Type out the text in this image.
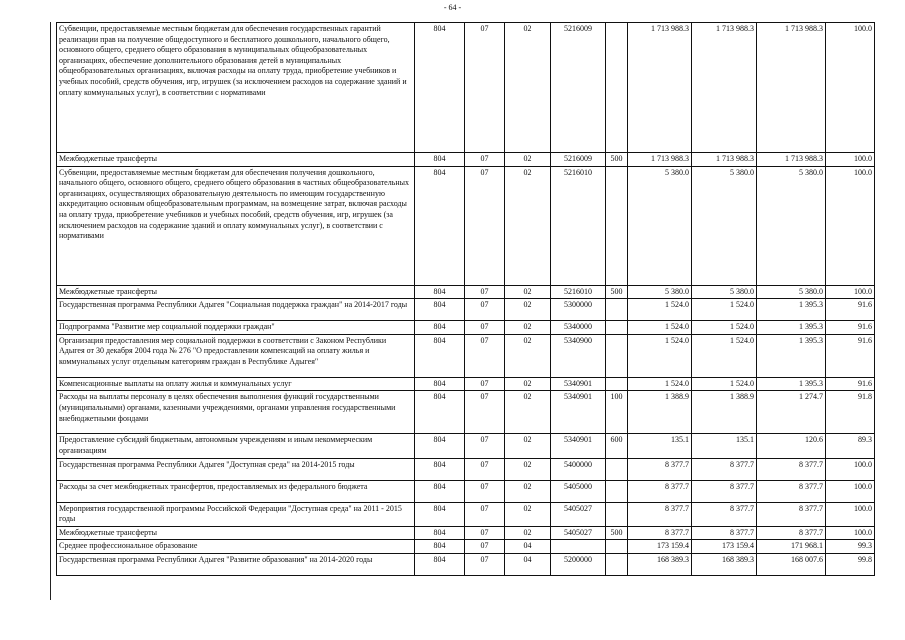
- 64 -
Субвенции, предоставляемые местным бюджетам для обеспечения государственных гарантий реализации прав на получение общедоступного и бесплатного дошкольного, начального общего, основного общего, среднего общего образования в муниципальных общеобразовательных организациях, обеспечение дополнительного образования детей в муниципальных общеобразовательных организациях, включая расходы на оплату труда, приобретение учебников и учебных пособий, средств обучения, игр, игрушек (за исключением расходов на содержание зданий и оплату коммунальных услуг), в соответствии с нормативами	804	07	02	5216009		1 713 988.3	1 713 988.3	1 713 988.3	100.0
Межбюджетные трансферты	804	07	02	5216009	500	1 713 988.3	1 713 988.3	1 713 988.3	100.0
Субвенции, предоставляемые местным бюджетам для обеспечения получения дошкольного, начального общего, основного общего, среднего общего образования в частных общеобразовательных организациях, осуществляющих образовательную деятельность по имеющим государственную аккредитацию основным общеобразовательным программам, на возмещение затрат, включая расходы на оплату труда, приобретение учебников и учебных пособий, средств обучения, игр, игрушек (за исключением расходов на содержание зданий и оплату коммунальных услуг), в соответствии с нормативами	804	07	02	5216010		5 380.0	5 380.0	5 380.0	100.0
Межбюджетные трансферты	804	07	02	5216010	500	5 380.0	5 380.0	5 380.0	100.0
Государственная программа Республики Адыгея "Социальная поддержка граждан" на 2014-2017 годы	804	07	02	5300000		1 524.0	1 524.0	1 395.3	91.6
Подпрограмма "Развитие мер социальной поддержки граждан"	804	07	02	5340000		1 524.0	1 524.0	1 395.3	91.6
Организация предоставления мер социальной поддержки в соответствии с Законом Республики Адыгея от 30 декабря 2004 года № 276 "О предоставлении компенсаций на оплату жилья и коммунальных услуг отдельным категориям граждан в Республике Адыгея"	804	07	02	5340900		1 524.0	1 524.0	1 395.3	91.6
Компенсационные выплаты на оплату жилья и коммунальных услуг	804	07	02	5340901		1 524.0	1 524.0	1 395.3	91.6
Расходы на выплаты персоналу в целях обеспечения выполнения функций государственными (муниципальными) органами, казенными учреждениями, органами управления государственными внебюджетными фондами	804	07	02	5340901	100	1 388.9	1 388.9	1 274.7	91.8
Предоставление субсидий бюджетным, автономным учреждениям и иным некоммерческим организациям	804	07	02	5340901	600	135.1	135.1	120.6	89.3
Государственная программа Республики Адыгея "Доступная среда" на 2014-2015 годы	804	07	02	5400000		8 377.7	8 377.7	8 377.7	100.0
Расходы за счет межбюджетных трансфертов, предоставляемых из федерального бюджета	804	07	02	5405000		8 377.7	8 377.7	8 377.7	100.0
Мероприятия государственной программы Российской Федерации "Доступная среда" на 2011 - 2015 годы	804	07	02	5405027		8 377.7	8 377.7	8 377.7	100.0
Межбюджетные трансферты	804	07	02	5405027	500	8 377.7	8 377.7	8 377.7	100.0
Среднее профессиональное образование	804	07	04			173 159.4	173 159.4	171 968.1	99.3
Государственная программа Республики Адыгея "Развитие образования" на 2014-2020 годы	804	07	04	5200000		168 389.3	168 389.3	168 007.6	99.8
